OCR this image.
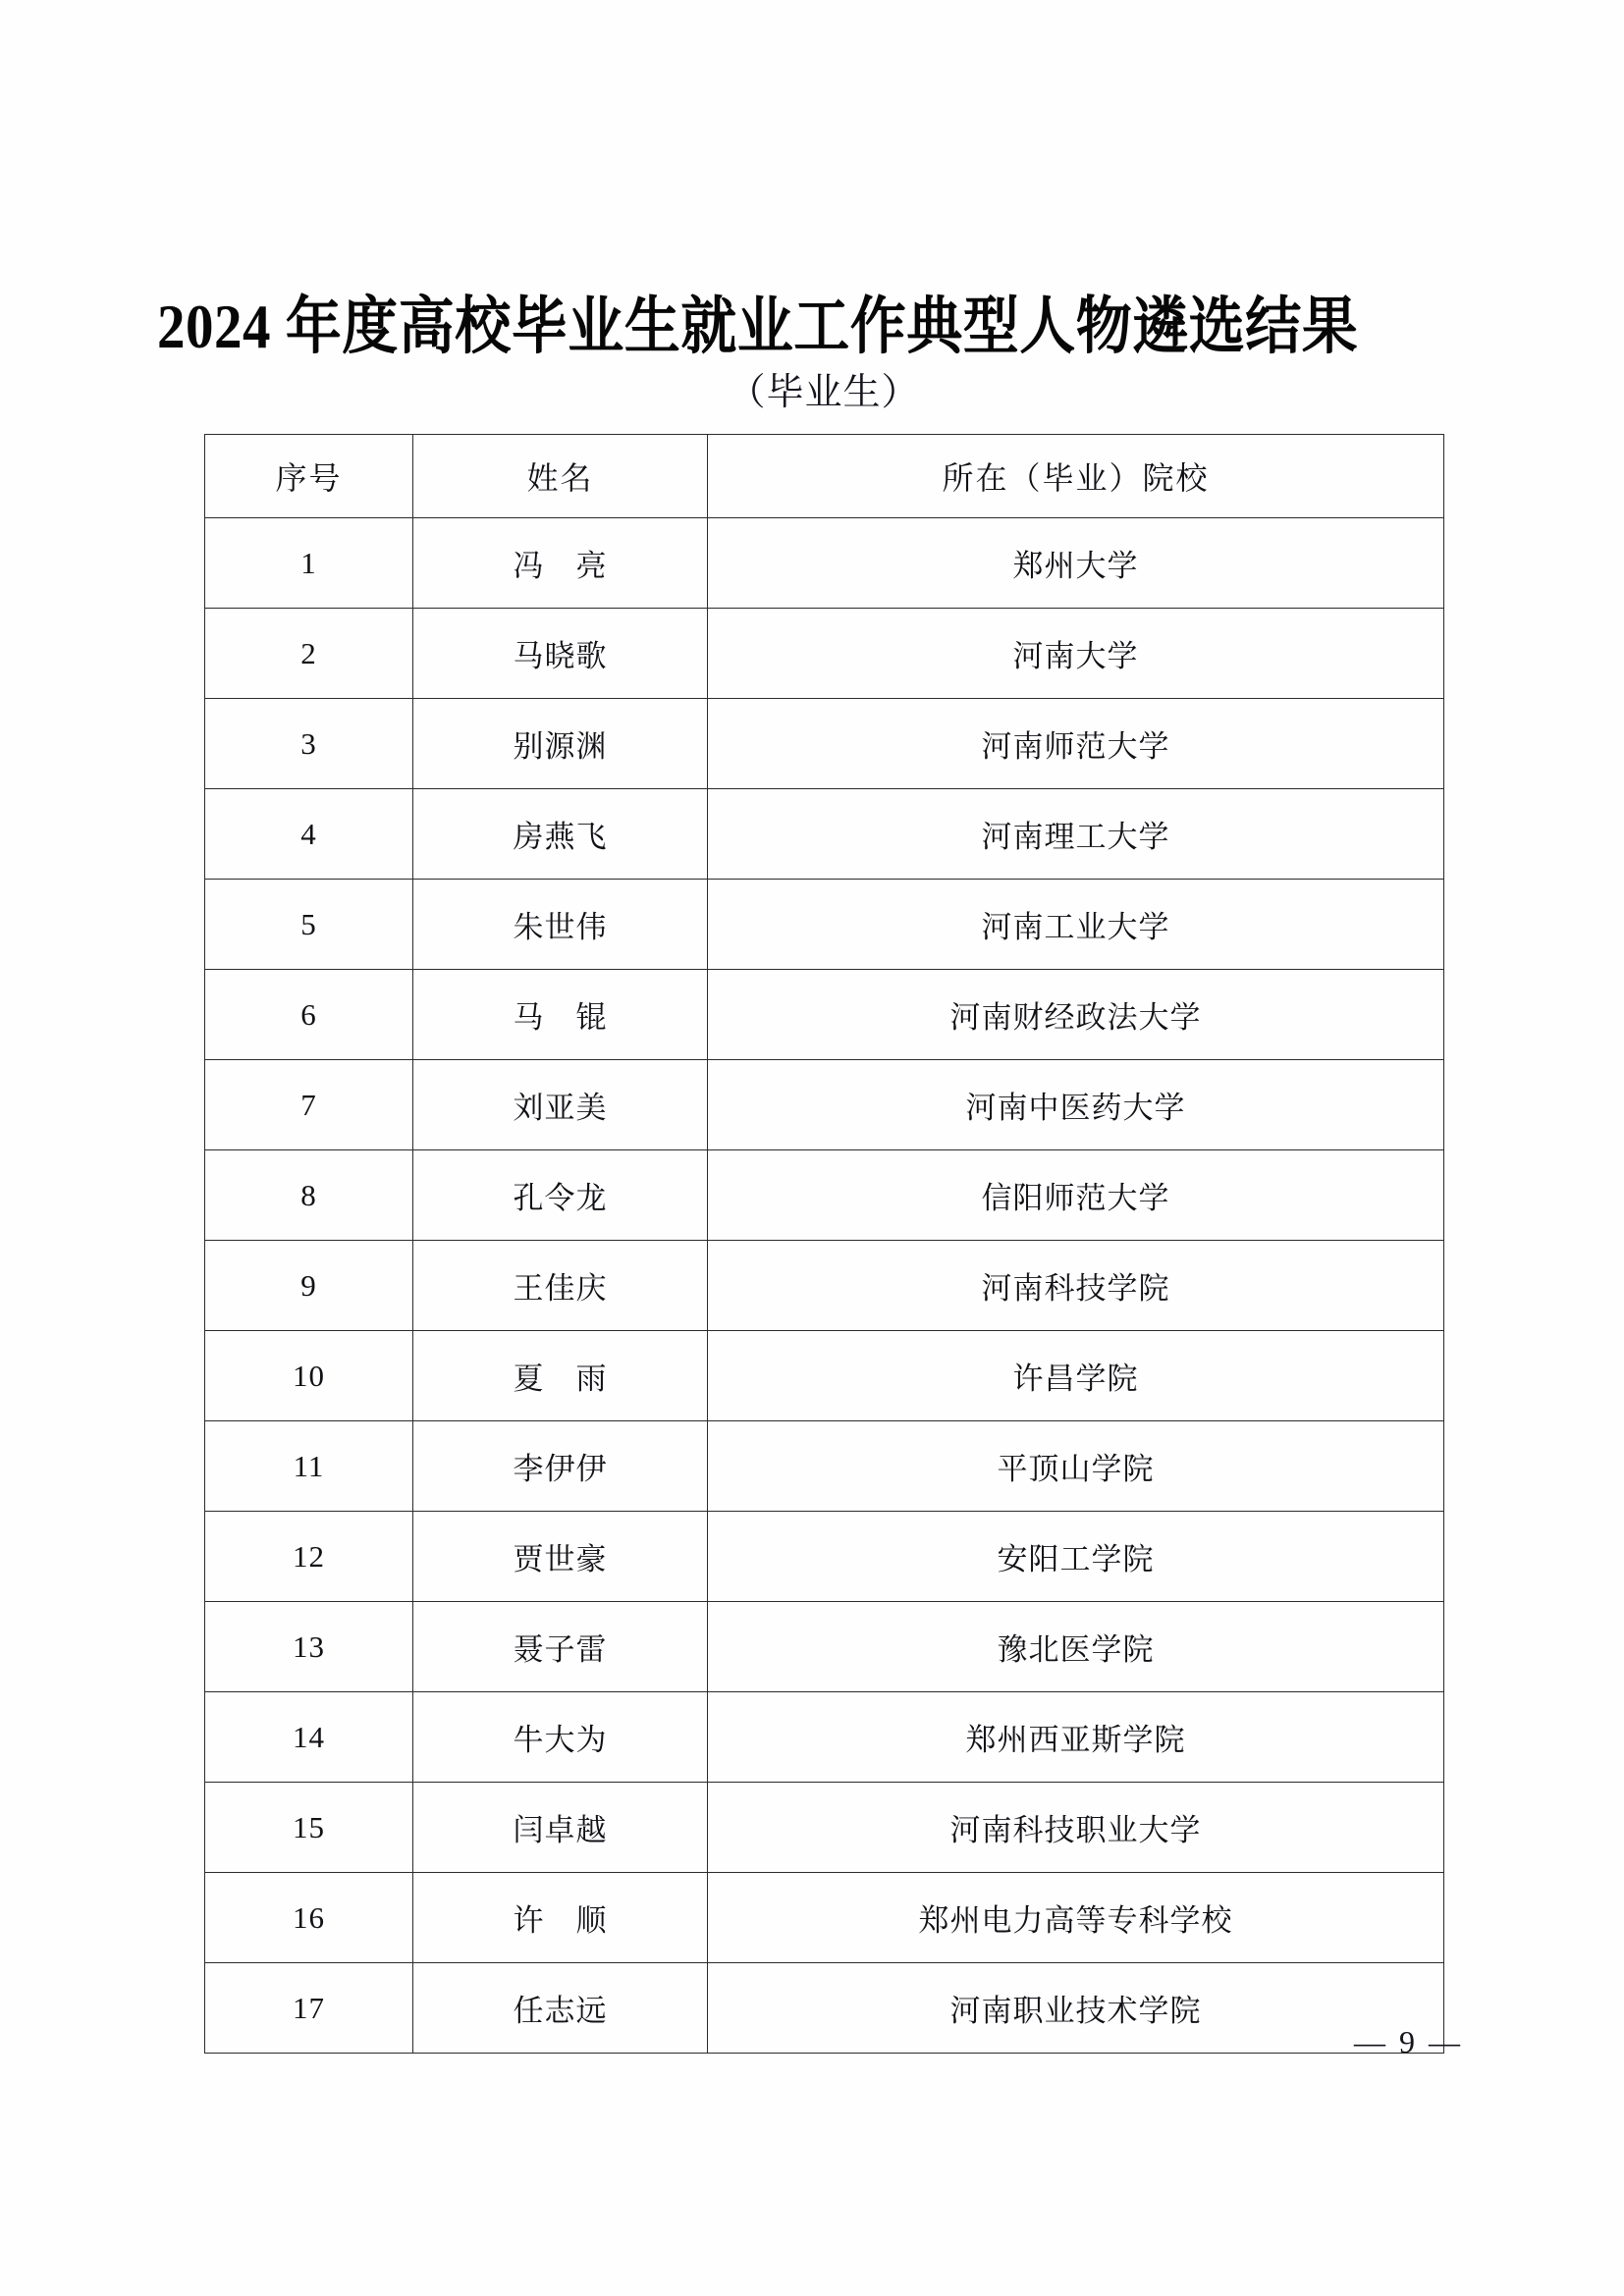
2024 年度高校毕业生就业工作典型人物遴选结果
（毕业生）
序号	姓名	所在（毕业）院校
1	冯　亮	郑州大学
2	马晓歌	河南大学
3	别源渊	河南师范大学
4	房燕飞	河南理工大学
5	朱世伟	河南工业大学
6	马　锟	河南财经政法大学
7	刘亚美	河南中医药大学
8	孔令龙	信阳师范大学
9	王佳庆	河南科技学院
10	夏　雨	许昌学院
11	李伊伊	平顶山学院
12	贾世豪	安阳工学院
13	聂子雷	豫北医学院
14	牛大为	郑州西亚斯学院
15	闫卓越	河南科技职业大学
16	许　顺	郑州电力高等专科学校
17	任志远	河南职业技术学院
— 9 —
